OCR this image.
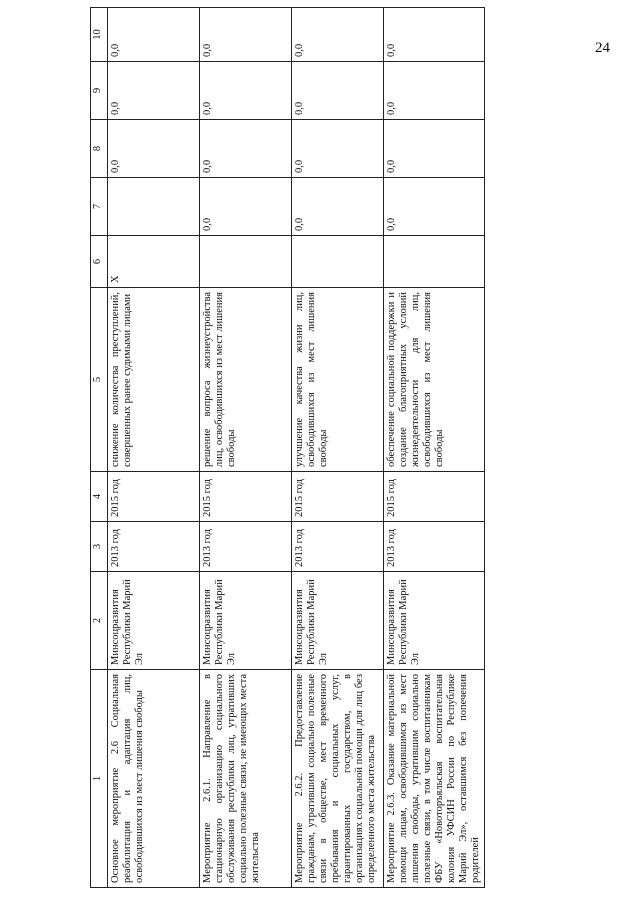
24
1	2	3	4	5	6	7	8	9	10
Основное мероприятие 2.6 Социальная реабилитация и адаптация лиц, освободившихся из мест лишения свободы	Минсоцразвития Республики Марий Эл	2013 год	2015 год	снижение количества преступлений, совершенных ранее судимыми лицами	Х		0,0	0,0	0,0
Мероприятие 2.6.1. Направление в стационарную организацию социального обслуживания республики лиц, утративших социально полезные связи, не имеющих места жительства	Минсоцразвития Республики Марий Эл	2013 год	2015 год	решение вопроса жизнеустройства лиц, освободившихся из мест лишения свободы		0,0	0,0	0,0	0,0
Мероприятие 2.6.2. Предоставление гражданам, утратившим социально полезные связи в обществе, мест временного пребывания и социальных услуг, гарантированных государством, в организациях социальной помощи для лиц без определенного места жительства	Минсоцразвития Республики Марий Эл	2013 год	2015 год	улучшение качества жизни лиц, освободившихся из мест лишения свободы		0,0	0,0	0,0	0,0
Мероприятие 2.6.3. Оказание материальной помощи лицам, освободившимся из мест лишения свободы, утратившим социально полезные связи, в том числе воспитанникам ФБУ «Новоторъяльская воспитательная колония УФСИН России по Республике Марий Эл», оставшимся без попечения родителей	Минсоцразвития Республики Марий Эл	2013 год	2015 год	обеспечение социальной поддержки и создание благоприятных условий жизнедеятельности для лиц, освободившихся из мест лишения свободы		0,0	0,0	0,0	0,0
